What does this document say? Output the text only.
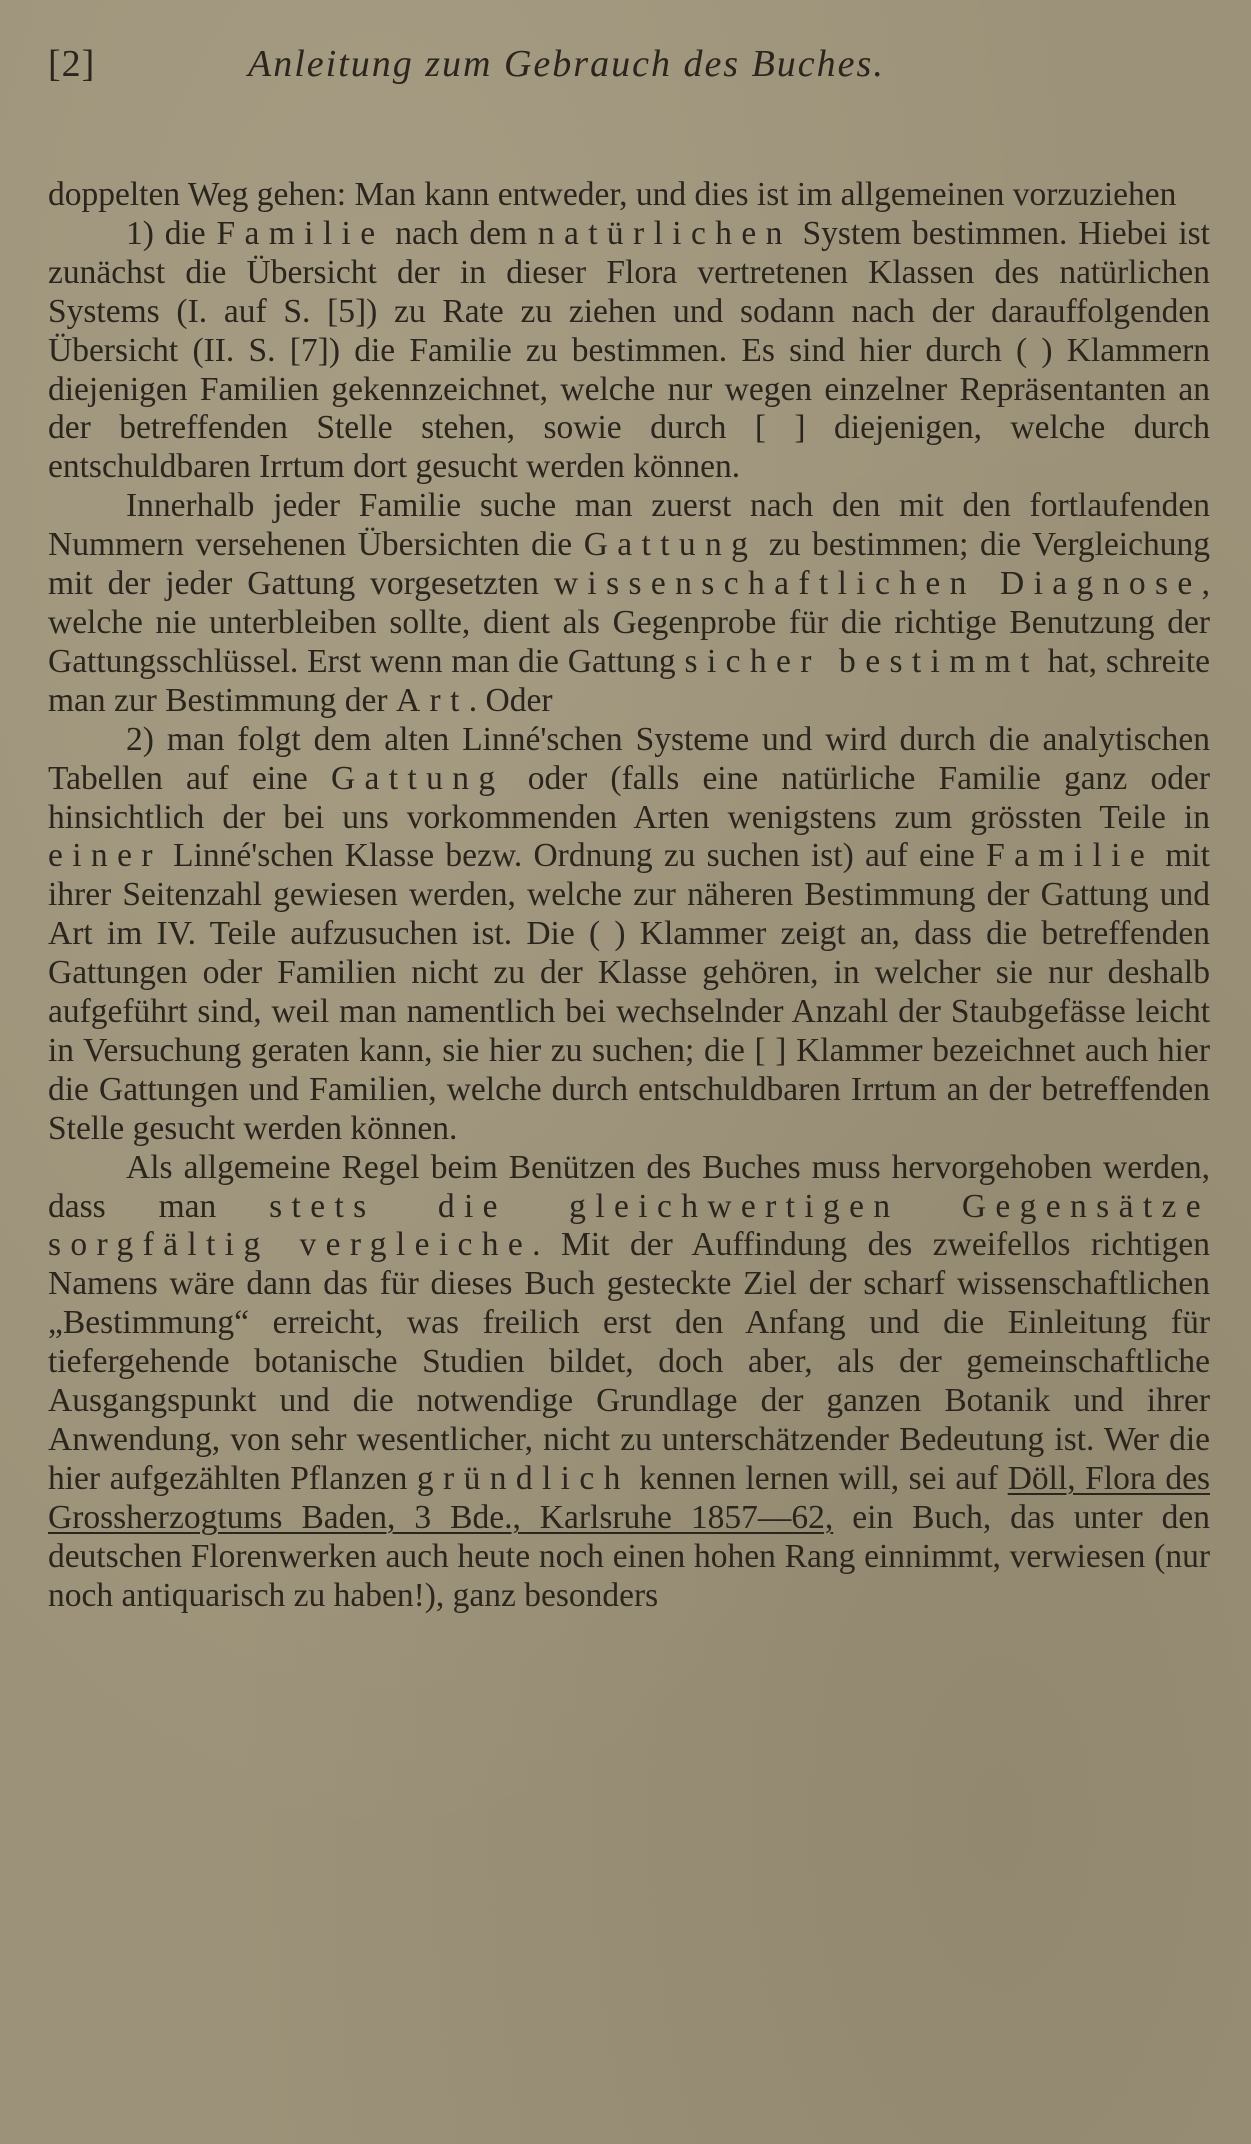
[2]	Anleitung zum Gebrauch des Buches.

doppelten Weg gehen: Man kann entweder, und dies ist im allgemeinen vorzuziehen

1) die Familie nach dem natürlichen System bestimmen. Hiebei ist zunächst die Übersicht der in dieser Flora vertretenen Klassen des natürlichen Systems (I. auf S. [5]) zu Rate zu ziehen und sodann nach der darauffolgenden Übersicht (II. S. [7]) die Familie zu bestimmen. Es sind hier durch ( ) Klammern diejenigen Familien gekennzeichnet, welche nur wegen einzelner Repräsentanten an der betreffenden Stelle stehen, sowie durch [ ] diejenigen, welche durch entschuldbaren Irrtum dort gesucht werden können.

Innerhalb jeder Familie suche man zuerst nach den mit den fortlaufenden Nummern versehenen Übersichten die Gattung zu bestimmen; die Vergleichung mit der jeder Gattung vorgesetzten wissenschaftlichen Diagnose, welche nie unterbleiben sollte, dient als Gegenprobe für die richtige Benutzung der Gattungsschlüssel. Erst wenn man die Gattung sicher bestimmt hat, schreite man zur Bestimmung der Art. Oder

2) man folgt dem alten Linné'schen Systeme und wird durch die analytischen Tabellen auf eine Gattung oder (falls eine natürliche Familie ganz oder hinsichtlich der bei uns vorkommenden Arten wenigstens zum grössten Teile in einer Linné'schen Klasse bezw. Ordnung zu suchen ist) auf eine Familie mit ihrer Seitenzahl gewiesen werden, welche zur näheren Bestimmung der Gattung und Art im IV. Teile aufzusuchen ist. Die ( ) Klammer zeigt an, dass die betreffenden Gattungen oder Familien nicht zu der Klasse gehören, in welcher sie nur deshalb aufgeführt sind, weil man namentlich bei wechselnder Anzahl der Staubgefässe leicht in Versuchung geraten kann, sie hier zu suchen; die [ ] Klammer bezeichnet auch hier die Gattungen und Familien, welche durch entschuldbaren Irrtum an der betreffenden Stelle gesucht werden können.

Als allgemeine Regel beim Benützen des Buches muss hervorgehoben werden, dass man stets die gleichwertigen Gegensätze sorgfältig vergleiche. Mit der Auffindung des zweifellos richtigen Namens wäre dann das für dieses Buch gesteckte Ziel der scharf wissenschaftlichen „Bestimmung“ erreicht, was freilich erst den Anfang und die Einleitung für tiefergehende botanische Studien bildet, doch aber, als der gemeinschaftliche Ausgangspunkt und die notwendige Grundlage der ganzen Botanik und ihrer Anwendung, von sehr wesentlicher, nicht zu unterschätzender Bedeutung ist. Wer die hier aufgezählten Pflanzen gründlich kennen lernen will, sei auf Döll, Flora des Grossherzogtums Baden, 3 Bde., Karlsruhe 1857—62, ein Buch, das unter den deutschen Florenwerken auch heute noch einen hohen Rang einnimmt, verwiesen (nur noch antiquarisch zu haben!), ganz besonders
